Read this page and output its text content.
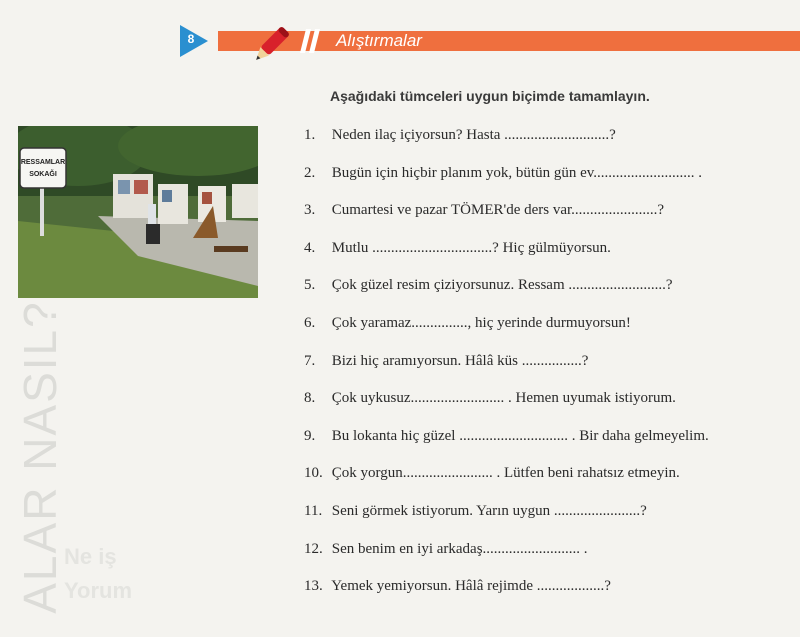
8	Alıştırmalar
RESSAMLAR
SOKAĞI
ALAR NASIL?
Ne iş
Yorum
Aşağıdaki tümceleri uygun biçimde tamamlayın.
1. Neden ilaç içiyorsun? Hasta ............................?
2. Bugün için hiçbir planım yok, bütün gün ev........................... .
3. Cumartesi ve pazar TÖMER'de ders var.......................?
4. Mutlu ................................? Hiç gülmüyorsun.
5. Çok güzel resim çiziyorsunuz. Ressam ..........................?
6. Çok yaramaz..............., hiç yerinde durmuyorsun!
7. Bizi hiç aramıyorsun. Hâlâ küs ................?
8. Çok uykusuz......................... . Hemen uyumak istiyorum.
9. Bu lokanta hiç güzel ............................. . Bir daha gelmeyelim.
10. Çok yorgun........................ . Lütfen beni rahatsız etmeyin.
11. Seni görmek istiyorum. Yarın uygun .......................?
12. Sen benim en iyi arkadaş.......................... .
13. Yemek yemiyorsun. Hâlâ rejimde ..................?
